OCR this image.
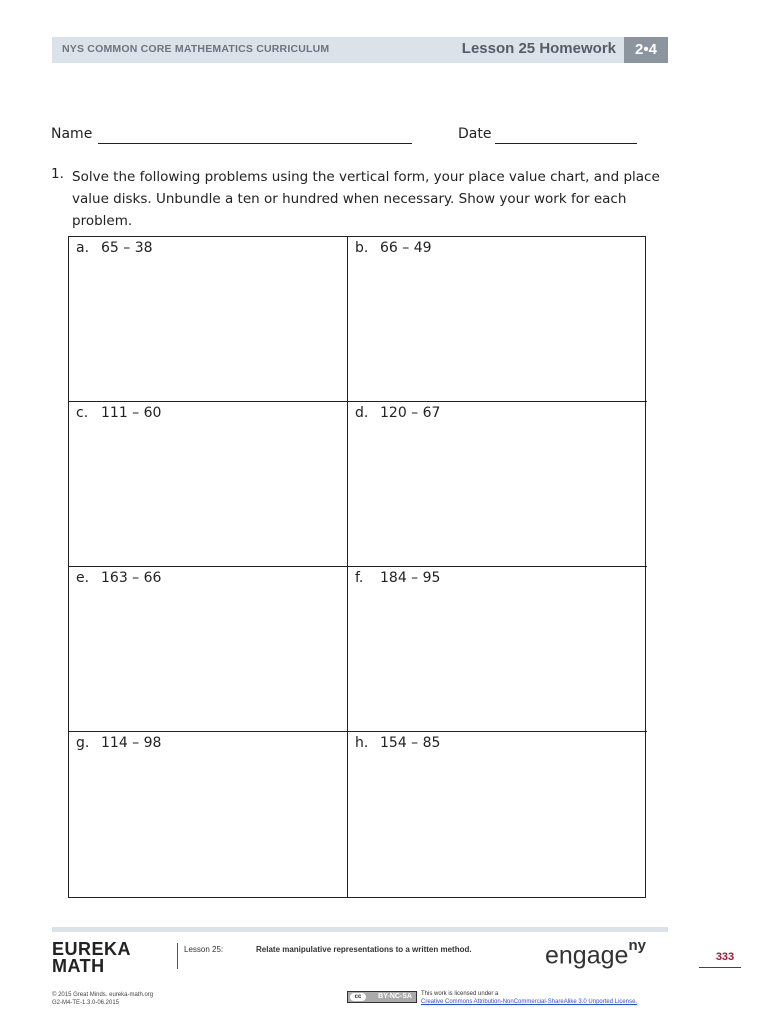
NYS COMMON CORE MATHEMATICS CURRICULUM	Lesson 25 Homework	2•4
Name	Date
1. Solve the following problems using the vertical form, your place value chart, and place value disks. Unbundle a ten or hundred when necessary. Show your work for each problem.
a. 65 – 38	b. 66 – 49
c. 111 – 60	d. 120 – 67
e. 163 – 66	f. 184 – 95
g. 114 – 98	h. 154 – 85
EUREKA
MATH
Lesson 25:	Relate manipulative representations to a written method.	engage$^{ny}$
333
© 2015 Great Minds. eureka-math.org
G2-M4-TE-1.3.0-06.2015
cc	BY-NC-SA	This work is licensed under a
Creative Commons Attribution-NonCommercial-ShareAlike 3.0 Unported License.
